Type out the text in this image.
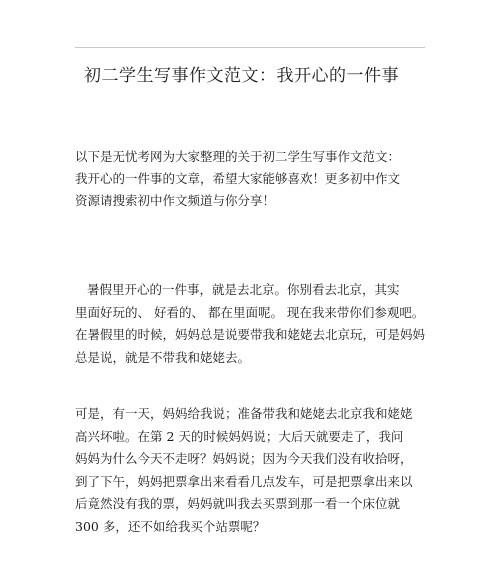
初二学生写事作文范文：我开心的一件事
以下是无忧考网为大家整理的关于初二学生写事作文范文：
我开心的一件事的文章，希望大家能够喜欢！更多初中作文
资源请搜索初中作文频道与你分享！
暑假里开心的一件事，就是去北京。你别看去北京，其实
里面好玩的、 好看的、 都在里面呢。 现在我来带你们参观吧。
在暑假里的时候，妈妈总是说要带我和姥姥去北京玩，可是妈妈
总是说，就是不带我和姥姥去。
可是，有一天，妈妈给我说；准备带我和姥姥去北京我和姥姥
高兴坏啦。在第 2 天的时候妈妈说；大后天就要走了，我问
妈妈为什么今天不走呀？妈妈说；因为今天我们没有收拾呀，
到了下午，妈妈把票拿出来看看几点发车，可是把票拿出来以
后竟然没有我的票，妈妈就叫我去买票到那一看一个床位就
300 多，还不如给我买个站票呢？
